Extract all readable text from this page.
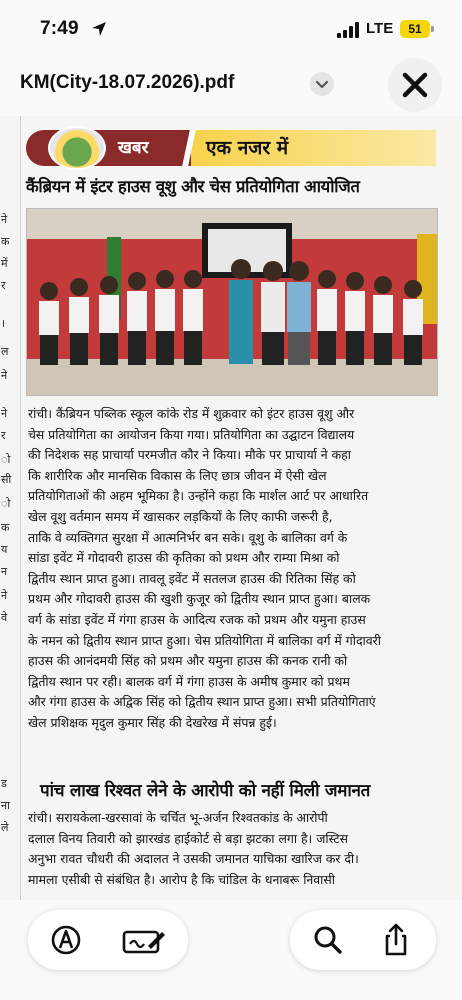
7:49	LTE	51
KM(City-18.07.2026).pdf
ने
क
में
र
।
ल
ने
ने
र
ो
सी
ो
क
य
न
ने
वे
ड
ना
ले
खबर	एक नजर में
कैंब्रियन में इंटर हाउस वूशु और चेस प्रतियोगिता आयोजित
रांची। कैंब्रियन पब्लिक स्कूल कांके रोड में शुक्रवार को इंटर हाउस वूशु और
चेस प्रतियोगिता का आयोजन किया गया। प्रतियोगिता का उद्घाटन विद्यालय
की निदेशक सह प्राचार्या परमजीत कौर ने किया। मौके पर प्राचार्या ने कहा
कि शारीरिक और मानसिक विकास के लिए छात्र जीवन में ऐसी खेल
प्रतियोगिताओं की अहम भूमिका है। उन्होंने कहा कि मार्शल आर्ट पर आधारित
खेल वूशु वर्तमान समय में खासकर लड़कियों के लिए काफी जरूरी है,
ताकि वे व्यक्तिगत सुरक्षा में आत्मनिर्भर बन सके। वूशु के बालिका वर्ग के
सांडा इवेंट में गोदावरी हाउस की कृतिका को प्रथम और राम्या मिश्रा को
द्वितीय स्थान प्राप्त हुआ। तावलू इवेंट में सतलज हाउस की रितिका सिंह को
प्रथम और गोदावरी हाउस की खुशी कुजूर को द्वितीय स्थान प्राप्त हुआ। बालक
वर्ग के सांडा इवेंट में गंगा हाउस के आदित्य रजक को प्रथम और यमुना हाउस
के नमन को द्वितीय स्थान प्राप्त हुआ। चेस प्रतियोगिता में बालिका वर्ग में गोदावरी
हाउस की आनंदमयी सिंह को प्रथम और यमुना हाउस की कनक रानी को
द्वितीय स्थान पर रही। बालक वर्ग में गंगा हाउस के अमीष कुमार को प्रथम
और गंगा हाउस के अद्विक सिंह को द्वितीय स्थान प्राप्त हुआ। सभी प्रतियोगिताएं
खेल प्रशिक्षक मृदुल कुमार सिंह की देखरेख में संपन्न हुई।
पांच लाख रिश्वत लेने के आरोपी को नहीं मिली जमानत
रांची। सरायकेला-खरसावां के चर्चित भू-अर्जन रिश्वतकांड के आरोपी
दलाल विनय तिवारी को झारखंड हाईकोर्ट से बड़ा झटका लगा है। जस्टिस
अनुभा रावत चौधरी की अदालत ने उसकी जमानत याचिका खारिज कर दी।
मामला एसीबी से संबंधित है। आरोप है कि चांडिल के धनाबरू निवासी
